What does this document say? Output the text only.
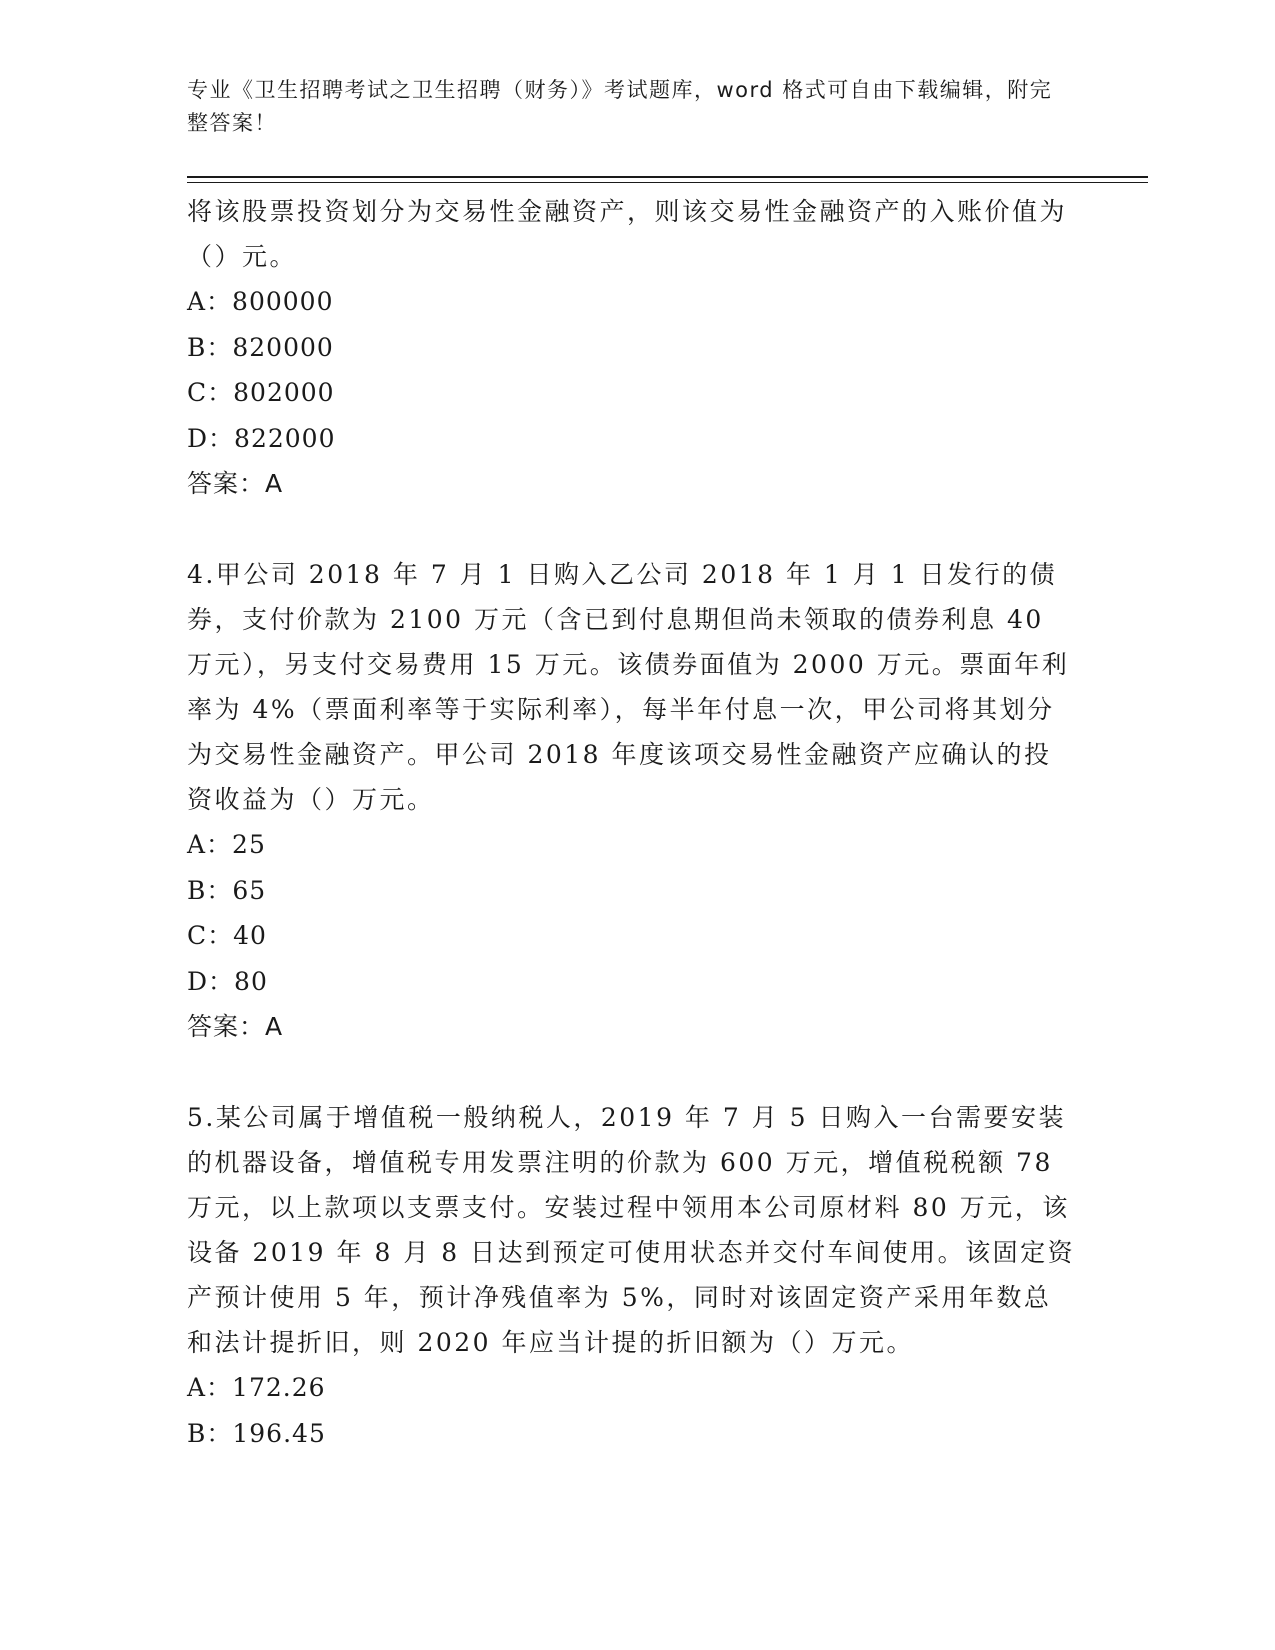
专业《卫生招聘考试之卫生招聘（财务）》考试题库，word 格式可自由下载编辑，附完整答案！
将该股票投资划分为交易性金融资产，则该交易性金融资产的入账价值为（）元。
A：800000
B：820000
C：802000
D：822000
答案：A
4.甲公司 2018 年 7 月 1 日购入乙公司 2018 年 1 月 1 日发行的债券，支付价款为 2100 万元（含已到付息期但尚未领取的债券利息 40 万元），另支付交易费用 15 万元。该债券面值为 2000 万元。票面年利率为 4%（票面利率等于实际利率），每半年付息一次，甲公司将其划分为交易性金融资产。甲公司 2018 年度该项交易性金融资产应确认的投资收益为（）万元。
A：25
B：65
C：40
D：80
答案：A
5.某公司属于增值税一般纳税人，2019 年 7 月 5 日购入一台需要安装的机器设备，增值税专用发票注明的价款为 600 万元，增值税税额 78 万元，以上款项以支票支付。安装过程中领用本公司原材料 80 万元，该设备 2019 年 8 月 8 日达到预定可使用状态并交付车间使用。该固定资产预计使用 5 年，预计净残值率为 5%，同时对该固定资产采用年数总和法计提折旧，则 2020 年应当计提的折旧额为（）万元。
A：172.26
B：196.45
